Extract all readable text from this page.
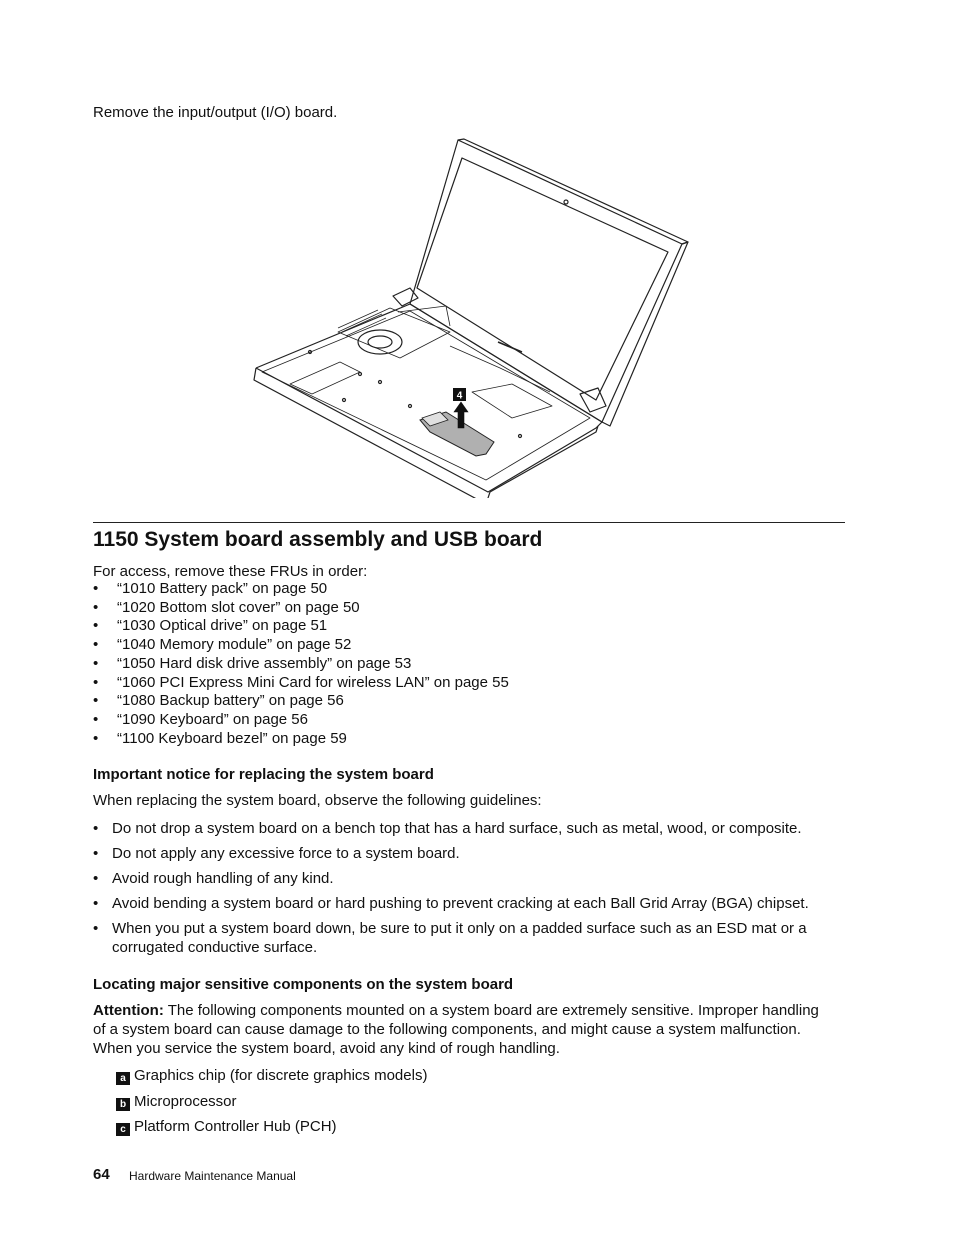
Remove the input/output (I/O) board.
4
1150 System board assembly and USB board
For access, remove these FRUs in order:
• “1010 Battery pack” on page 50
• “1020 Bottom slot cover” on page 50
• “1030 Optical drive” on page 51
• “1040 Memory module” on page 52
• “1050 Hard disk drive assembly” on page 53
• “1060 PCI Express Mini Card for wireless LAN” on page 55
• “1080 Backup battery” on page 56
• “1090 Keyboard” on page 56
• “1100 Keyboard bezel” on page 59
Important notice for replacing the system board
When replacing the system board, observe the following guidelines:
• Do not drop a system board on a bench top that has a hard surface, such as metal, wood, or composite.
• Do not apply any excessive force to a system board.
• Avoid rough handling of any kind.
• Avoid bending a system board or hard pushing to prevent cracking at each Ball Grid Array (BGA) chipset.
• When you put a system board down, be sure to put it only on a padded surface such as an ESD mat or a corrugated conductive surface.
Locating major sensitive components on the system board
Attention: The following components mounted on a system board are extremely sensitive. Improper handling of a system board can cause damage to the following components, and might cause a system malfunction. When you service the system board, avoid any kind of rough handling.
a Graphics chip (for discrete graphics models)
b Microprocessor
c Platform Controller Hub (PCH)
64 Hardware Maintenance Manual
